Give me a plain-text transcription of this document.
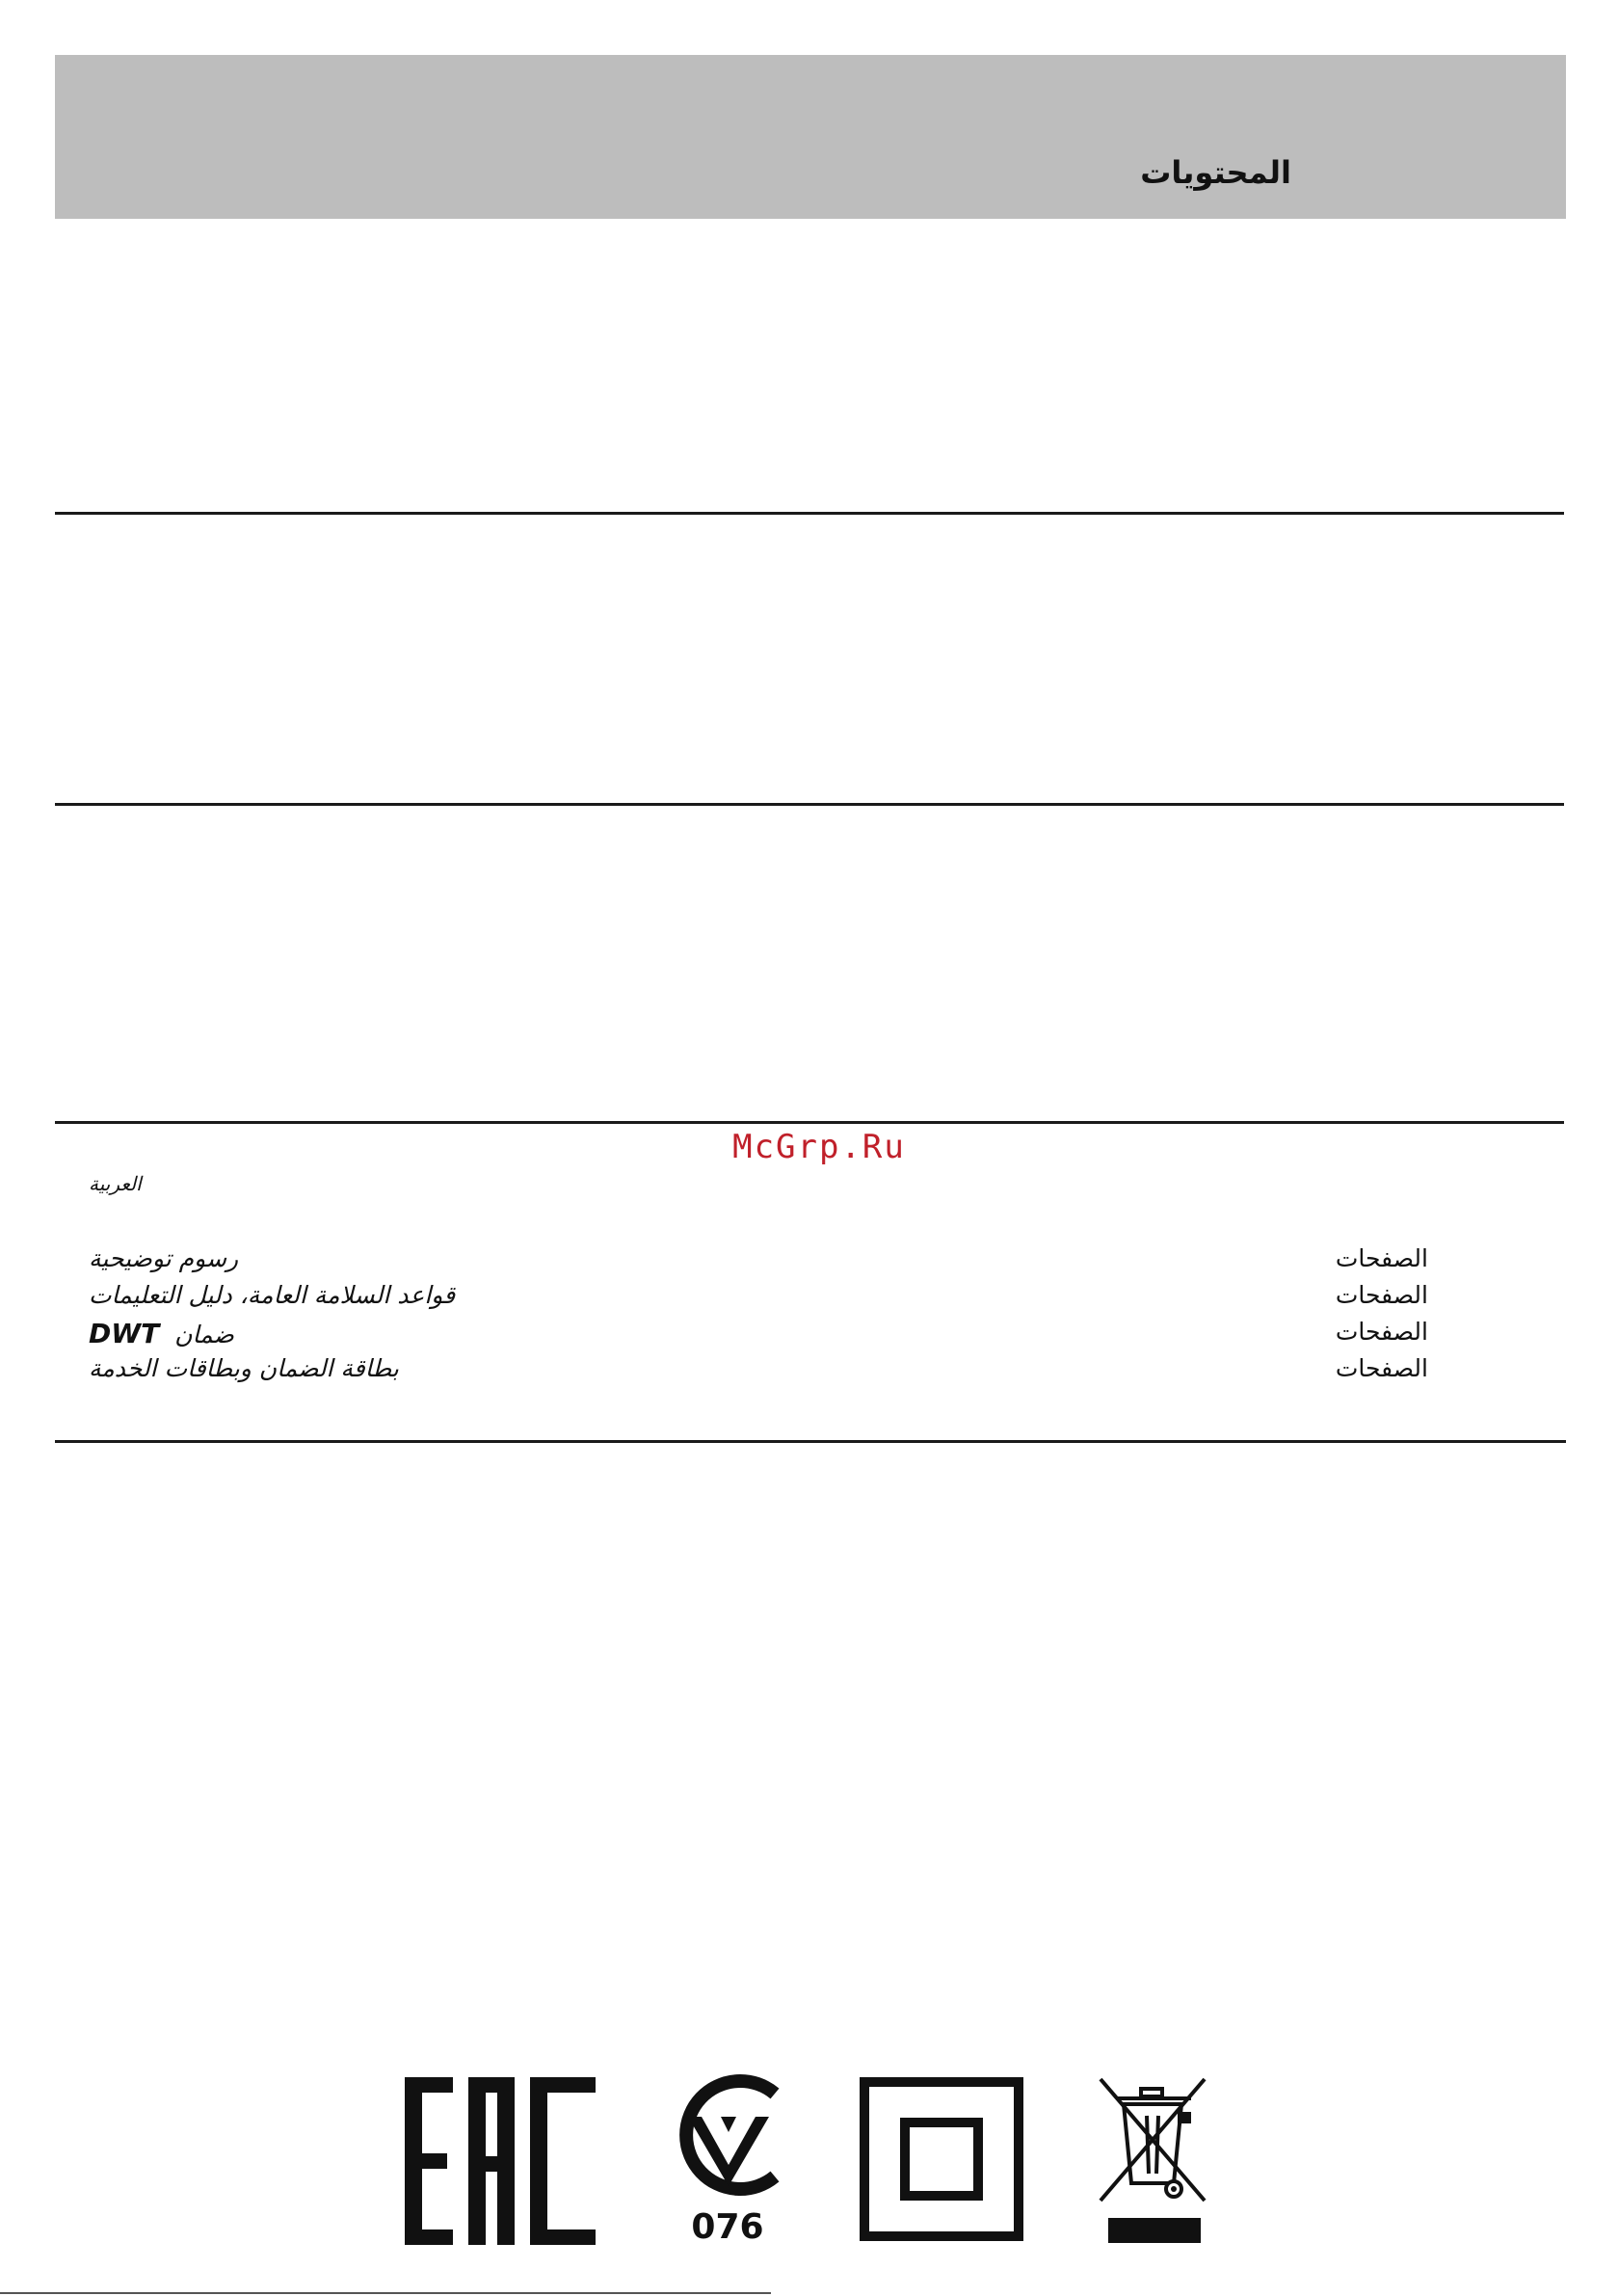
المحتويات
McGrp.Ru
العربية
رسوم توضيحية	الصفحات
قواعد السلامة العامة، دليل التعليمات	الصفحات
ضمان  DWT	الصفحات
بطاقة الضمان وبطاقات الخدمة	الصفحات
076
